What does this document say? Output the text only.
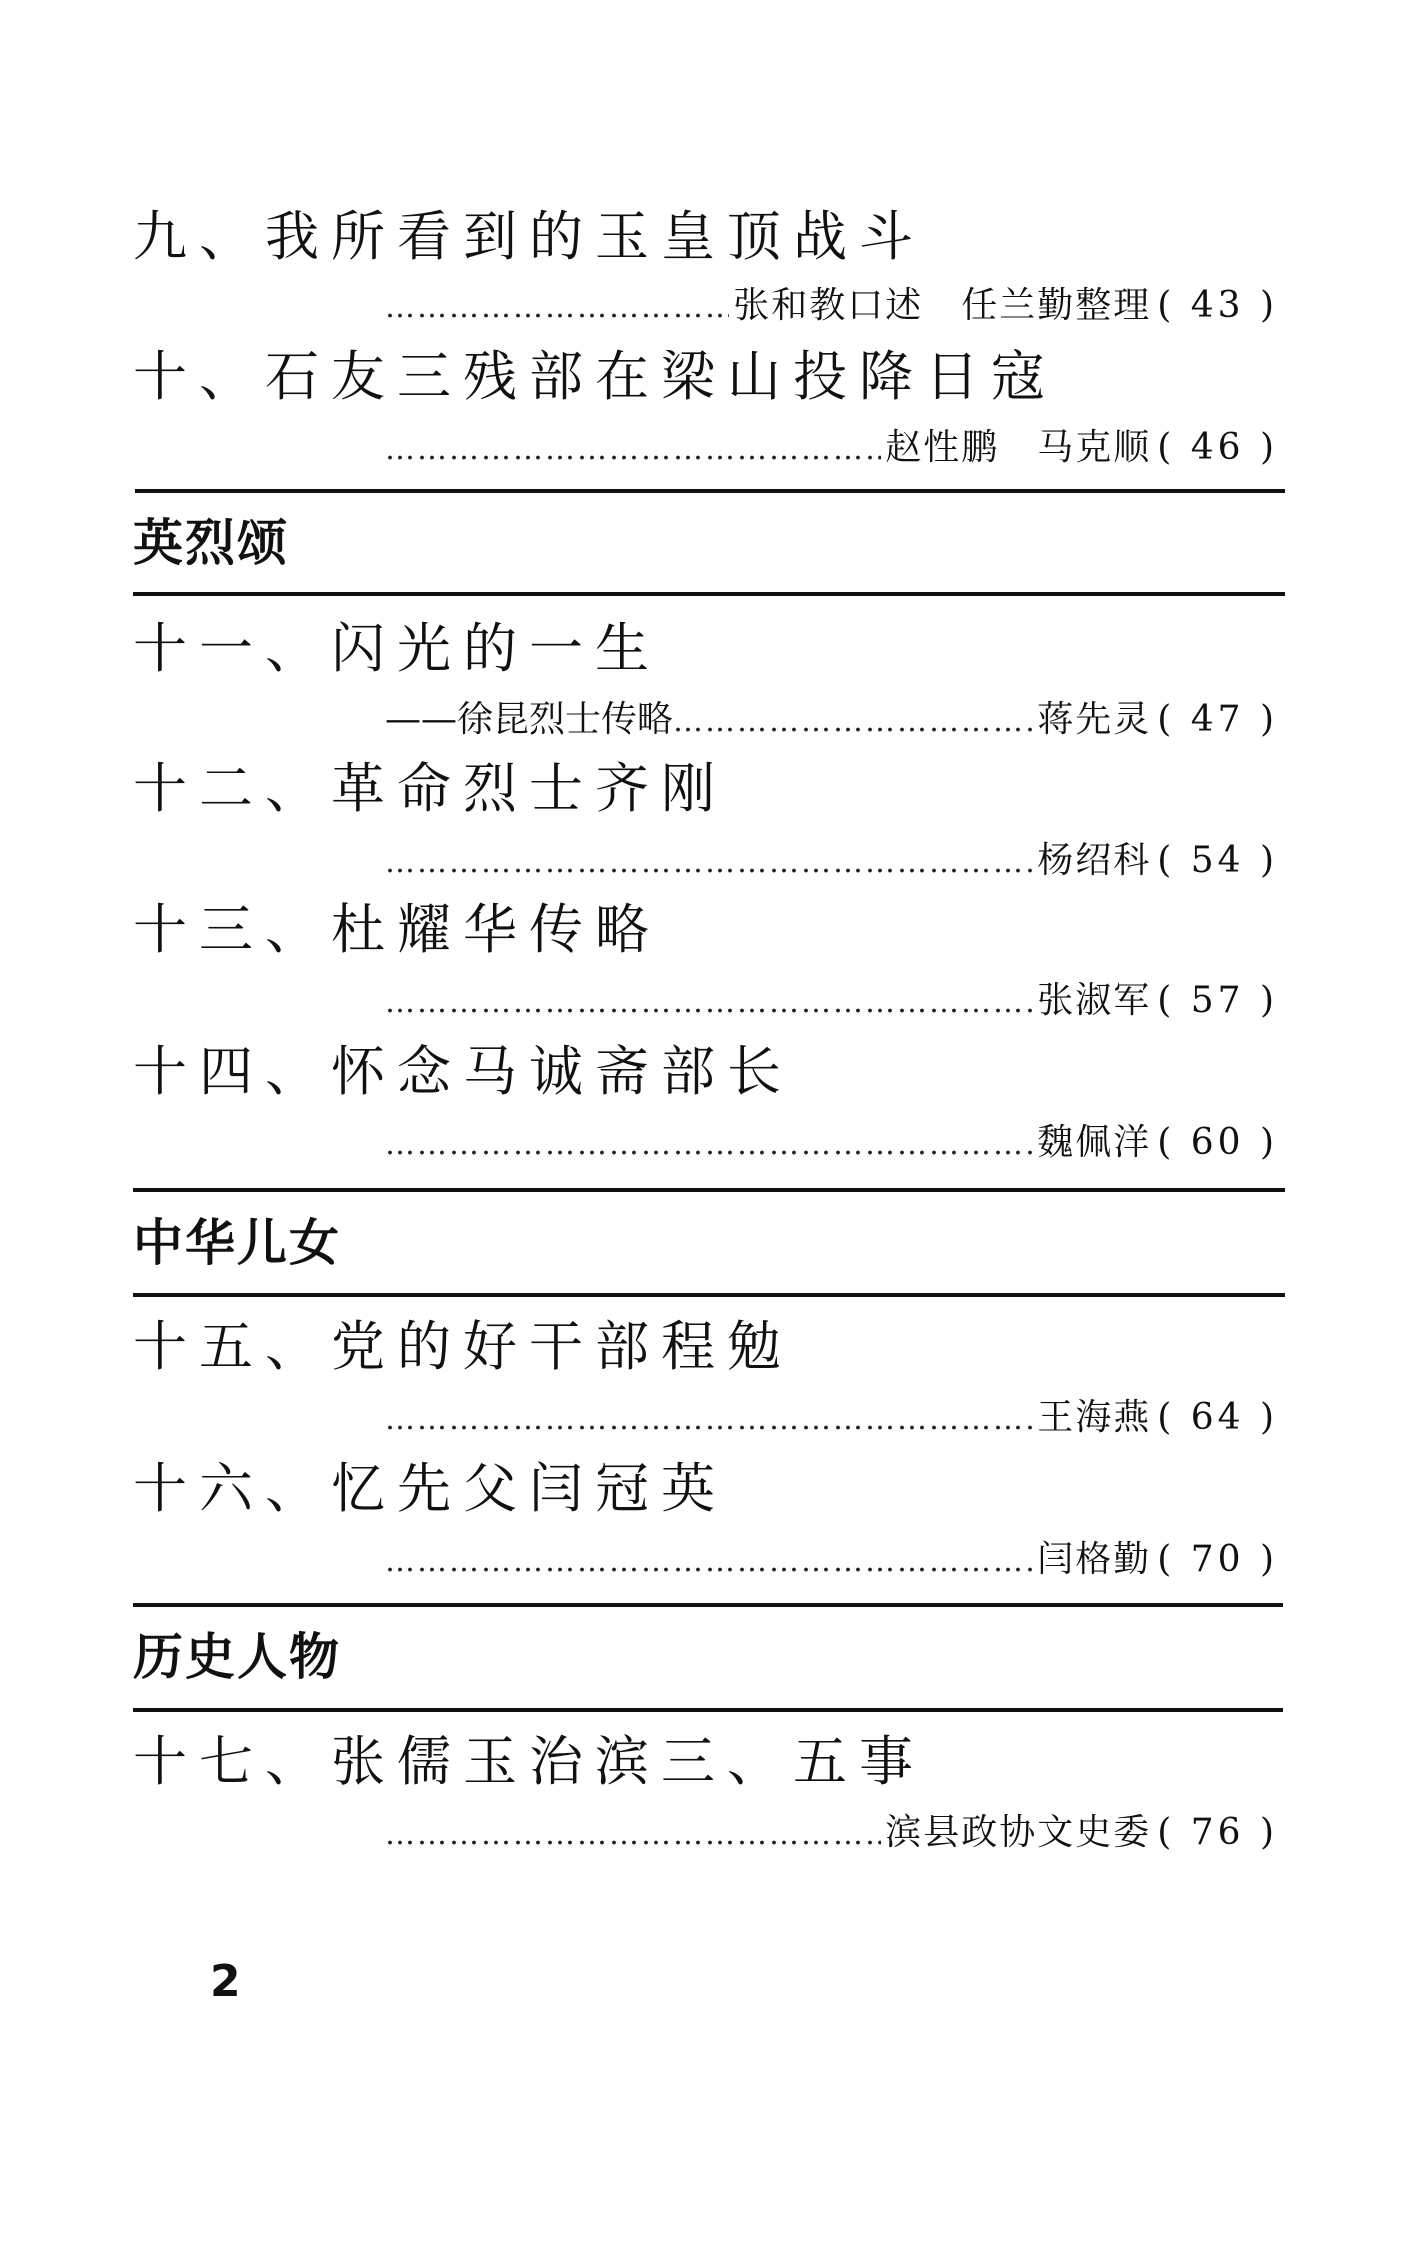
九、我所看到的玉皇顶战斗
…………………………………………………………………………………………………………………………………
张和教口述　任兰勤整理 ( 43 )
十、石友三残部在梁山投降日寇
…………………………………………………………………………………………………………………………………
赵性鹏　马克顺 ( 46 )
英烈颂
十一、闪光的一生
——徐昆烈士传略
…………………………………………………………………………………………………………………………………	蒋先灵 ( 47 )
十二、革命烈士齐刚
…………………………………………………………………………………………………………………………………
杨绍科 ( 54 )
十三、杜耀华传略
…………………………………………………………………………………………………………………………………
张淑军 ( 57 )
十四、怀念马诚斋部长
…………………………………………………………………………………………………………………………………
魏佩洋 ( 60 )
中华儿女
十五、党的好干部程勉
…………………………………………………………………………………………………………………………………
王海燕 ( 64 )
十六、忆先父闫冠英
…………………………………………………………………………………………………………………………………
闫格勤 ( 70 )
历史人物
十七、张儒玉治滨三、五事
…………………………………………………………………………………………………………………………………
滨县政协文史委 ( 76 )
2
